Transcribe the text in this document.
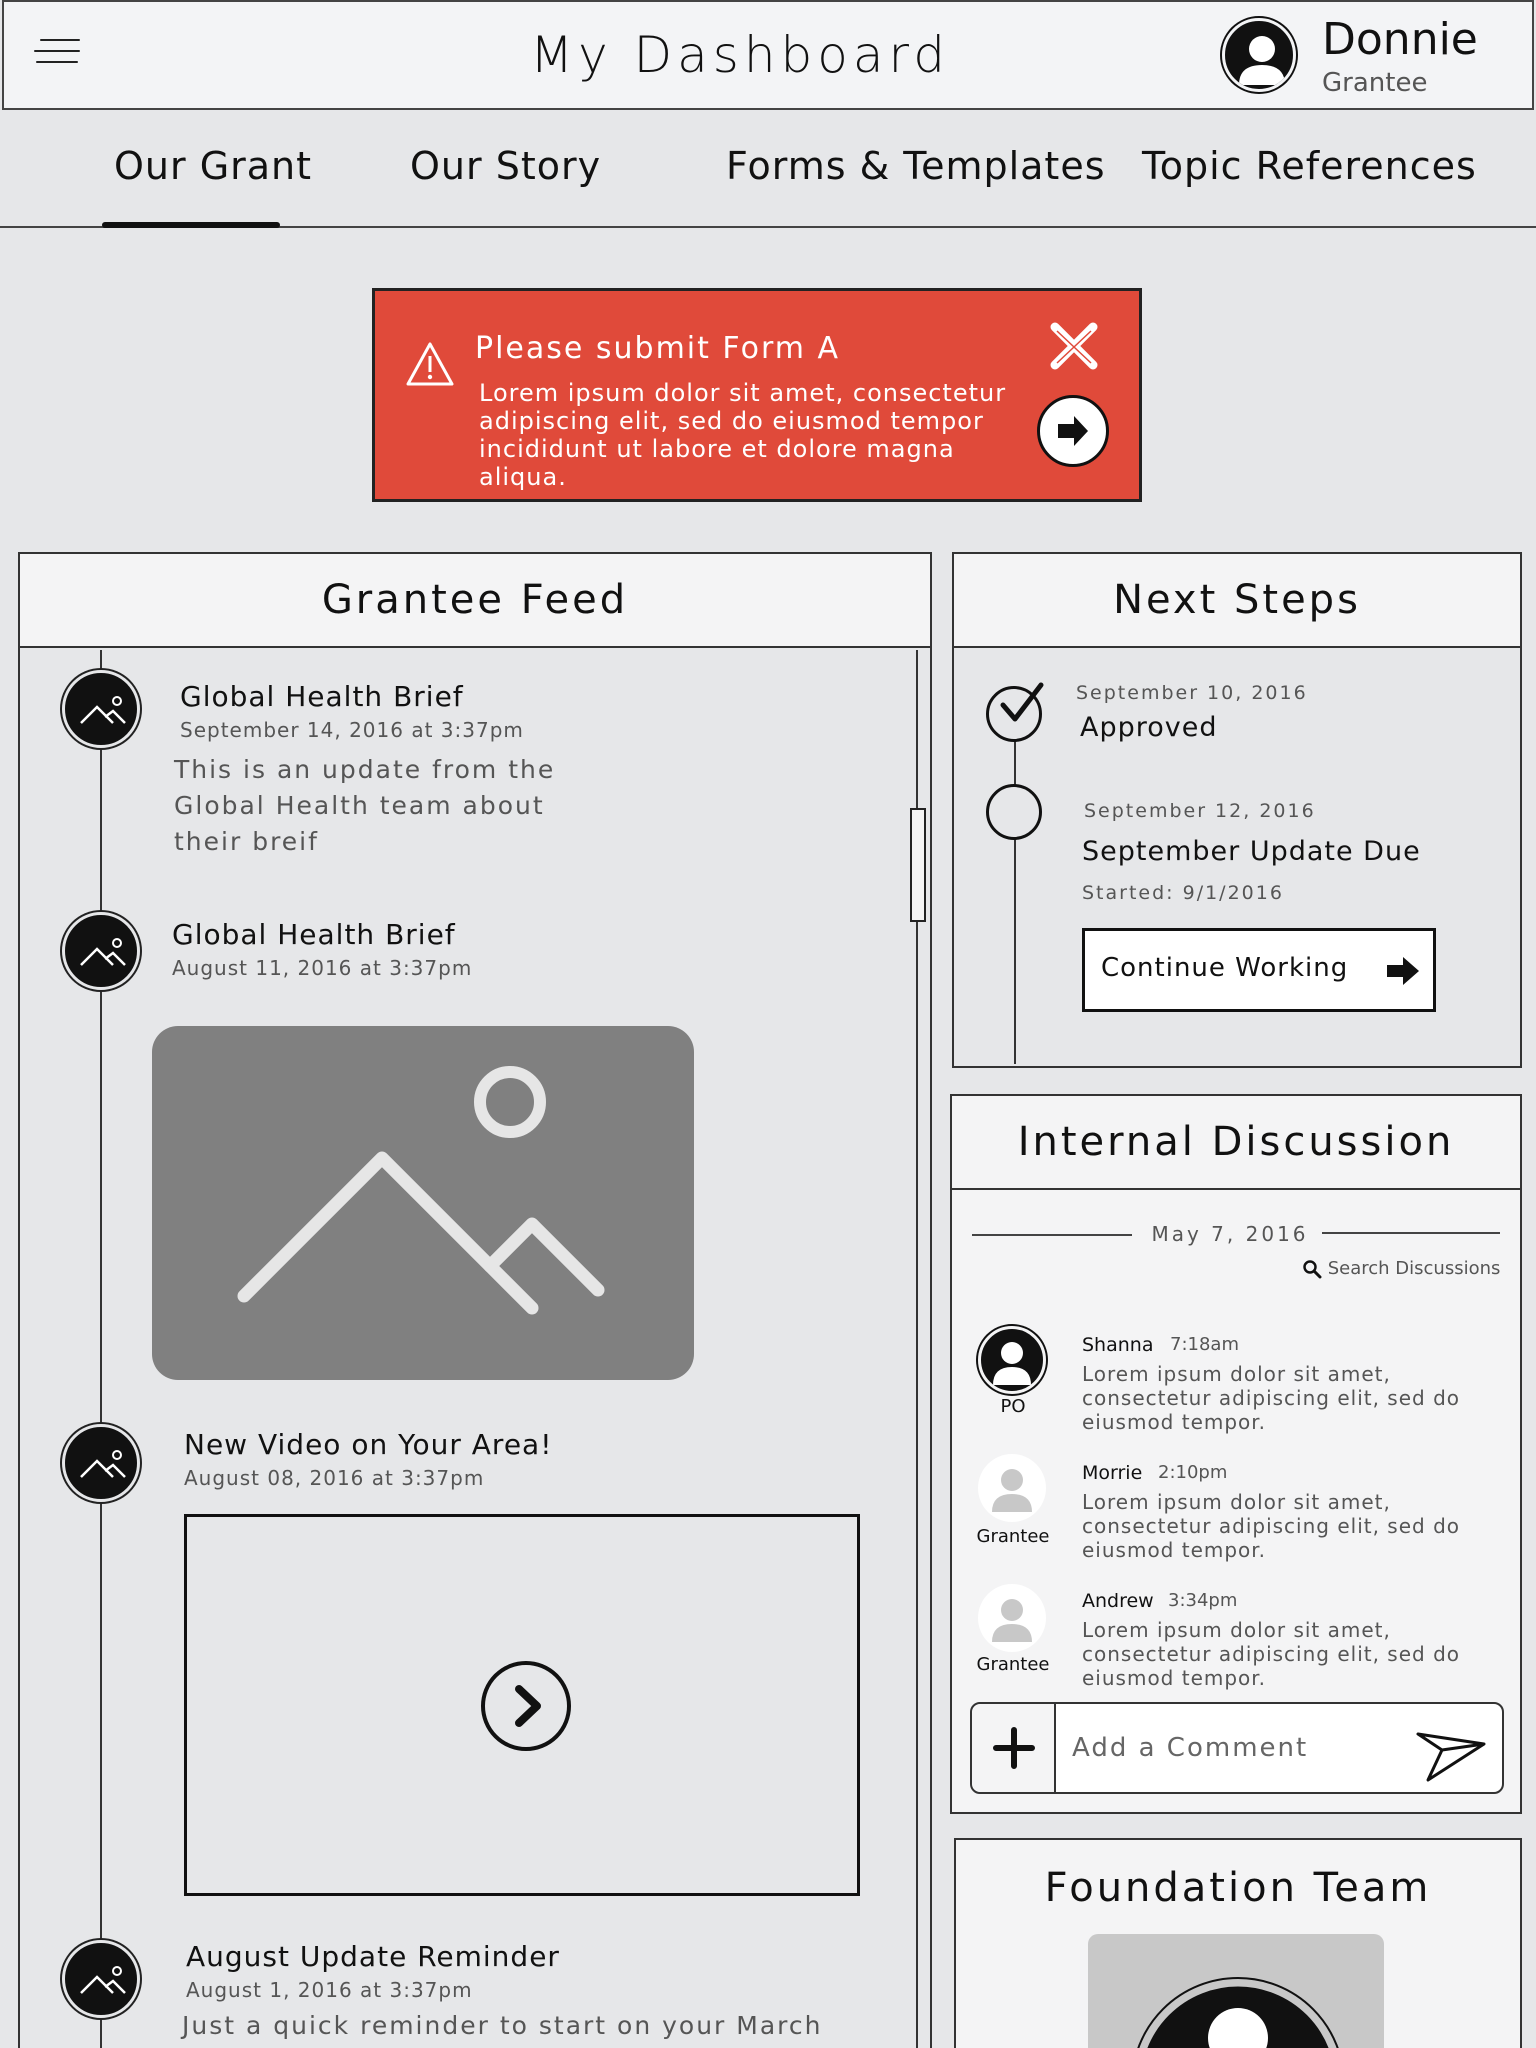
My Dashboard	Donnie
Grantee
Our Grant	Our Story	Forms & Templates Topic References
Please submit Form A
Lorem ipsum dolor sit amet, consectetur adipiscing elit, sed do eiusmod tempor incididunt ut labore et dolore magna aliqua.
Grantee Feed
Global Health Brief
September 14, 2016 at 3:37pm
This is an update from the Global Health team about their breif
Global Health Brief
August 11, 2016 at 3:37pm
New Video on Your Area!
August 08, 2016 at 3:37pm
August Update Reminder
August 1, 2016 at 3:37pm
Just a quick reminder to start on your March
Next Steps
September 10, 2016
Approved
September 12, 2016
September Update Due
Started: 9/1/2016
Continue Working
Internal Discussion
May 7, 2016
Search Discussions
PO
Shanna 7:18am
Lorem ipsum dolor sit amet, consectetur adipiscing elit, sed do eiusmod tempor.
Grantee
Morrie 2:10pm
Lorem ipsum dolor sit amet, consectetur adipiscing elit, sed do eiusmod tempor.
Grantee
Andrew 3:34pm
Lorem ipsum dolor sit amet, consectetur adipiscing elit, sed do eiusmod tempor.
Add a Comment
Foundation Team
